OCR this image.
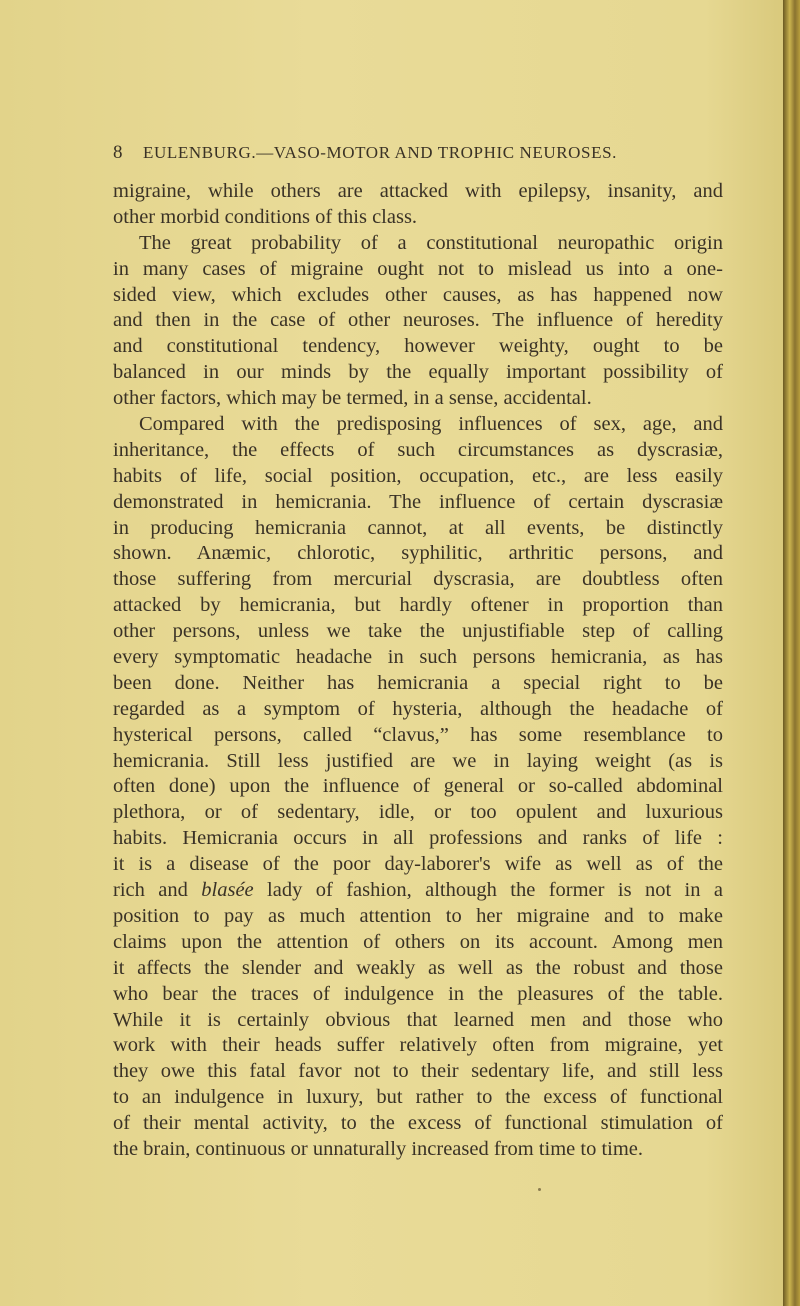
8 EULENBURG.—VASO-MOTOR AND TROPHIC NEUROSES.
migraine, while others are attacked with epilepsy, insanity, and
other morbid conditions of this class.
The great probability of a constitutional neuropathic origin
in many cases of migraine ought not to mislead us into a one-
sided view, which excludes other causes, as has happened now
and then in the case of other neuroses. The influence of heredity
and constitutional tendency, however weighty, ought to be
balanced in our minds by the equally important possibility of
other factors, which may be termed, in a sense, accidental.
Compared with the predisposing influences of sex, age, and
inheritance, the effects of such circumstances as dyscrasiæ,
habits of life, social position, occupation, etc., are less easily
demonstrated in hemicrania. The influence of certain dyscrasiæ
in producing hemicrania cannot, at all events, be distinctly
shown. Anæmic, chlorotic, syphilitic, arthritic persons, and
those suffering from mercurial dyscrasia, are doubtless often
attacked by hemicrania, but hardly oftener in proportion than
other persons, unless we take the unjustifiable step of calling
every symptomatic headache in such persons hemicrania, as has
been done. Neither has hemicrania a special right to be
regarded as a symptom of hysteria, although the headache of
hysterical persons, called “clavus,” has some resemblance to
hemicrania. Still less justified are we in laying weight (as is
often done) upon the influence of general or so-called abdominal
plethora, or of sedentary, idle, or too opulent and luxurious
habits. Hemicrania occurs in all professions and ranks of life :
it is a disease of the poor day-laborer's wife as well as of the
rich and blasée lady of fashion, although the former is not in a
position to pay as much attention to her migraine and to make
claims upon the attention of others on its account. Among men
it affects the slender and weakly as well as the robust and those
who bear the traces of indulgence in the pleasures of the table.
While it is certainly obvious that learned men and those who
work with their heads suffer relatively often from migraine, yet
they owe this fatal favor not to their sedentary life, and still less
to an indulgence in luxury, but rather to the excess of functional
of their mental activity, to the excess of functional stimulation of
the brain, continuous or unnaturally increased from time to time.
